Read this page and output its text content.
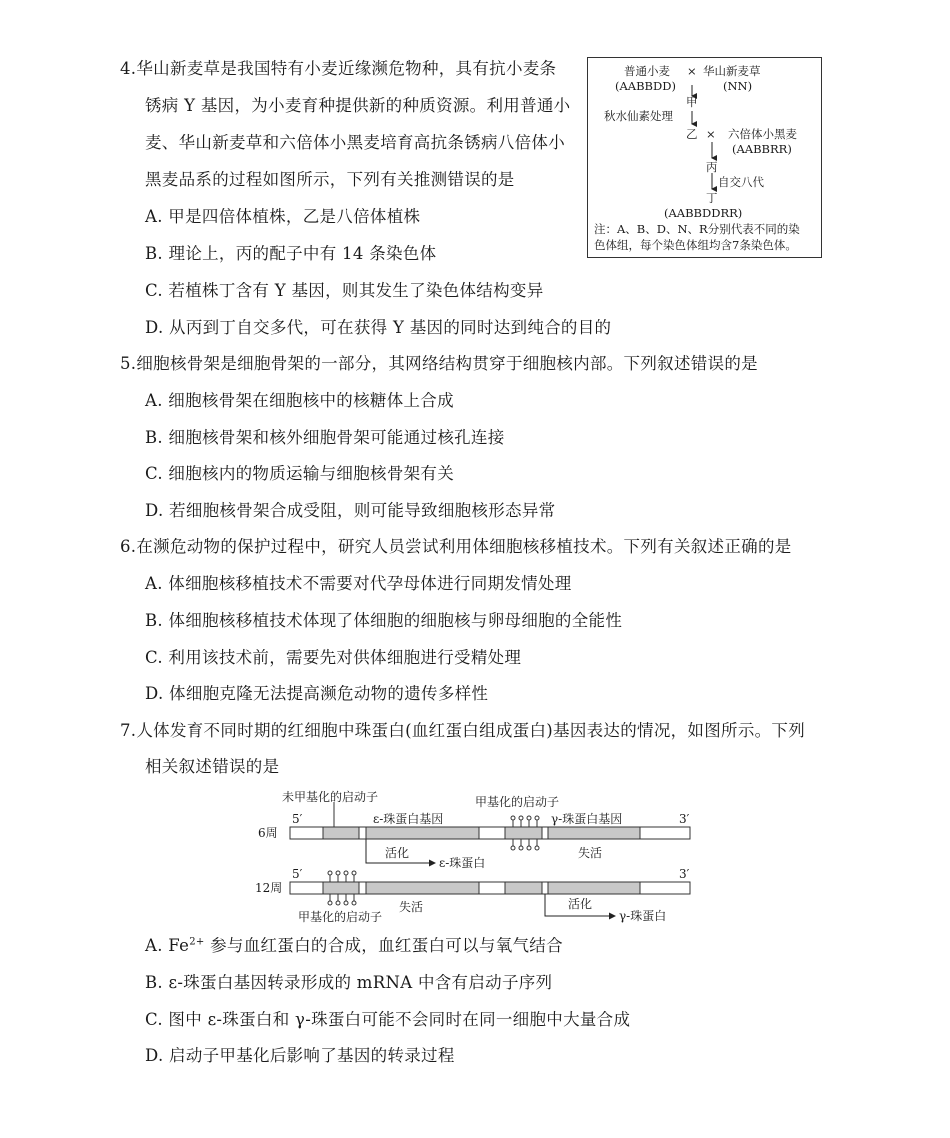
4.华山新麦草是我国特有小麦近缘濒危物种，具有抗小麦条
锈病 Y 基因，为小麦育种提供新的种质资源。利用普通小
麦、华山新麦草和六倍体小黑麦培育高抗条锈病八倍体小
黑麦品系的过程如图所示，下列有关推测错误的是
A. 甲是四倍体植株，乙是八倍体植株
B. 理论上，丙的配子中有 14 条染色体
C. 若植株丁含有 Y 基因，则其发生了染色体结构变异
D. 从丙到丁自交多代，可在获得 Y 基因的同时达到纯合的目的
普通小麦 × 华山新麦草
(AABBDD)	(NN)
甲
秋水仙素处理
乙 × 六倍体小黑麦
(AABBRR)
丙
自交八代
丁
(AABBDDRR)
注：A、B、D、N、R分别代表不同的染
色体组，每个染色体组均含7条染色体。
5.细胞核骨架是细胞骨架的一部分，其网络结构贯穿于细胞核内部。下列叙述错误的是
A. 细胞核骨架在细胞核中的核糖体上合成
B. 细胞核骨架和核外细胞骨架可能通过核孔连接
C. 细胞核内的物质运输与细胞核骨架有关
D. 若细胞核骨架合成受阻，则可能导致细胞核形态异常
6.在濒危动物的保护过程中，研究人员尝试利用体细胞核移植技术。下列有关叙述正确的是
A. 体细胞核移植技术不需要对代孕母体进行同期发情处理
B. 体细胞核移植技术体现了体细胞的细胞核与卵母细胞的全能性
C. 利用该技术前，需要先对供体细胞进行受精处理
D. 体细胞克隆无法提高濒危动物的遗传多样性
7.人体发育不同时期的红细胞中珠蛋白(血红蛋白组成蛋白)基因表达的情况，如图所示。下列
相关叙述错误的是
未甲基化的启动子	甲基化的启动子
5′	ε-珠蛋白基因	γ-珠蛋白基因	3′
6周
活化	失活
ε-珠蛋白
5′	3′
12周
失活	活化
γ-珠蛋白
甲基化的启动子
A. $Fe^{2+}$ 参与血红蛋白的合成，血红蛋白可以与氧气结合
B. ε-珠蛋白基因转录形成的 mRNA 中含有启动子序列
C. 图中 ε-珠蛋白和 γ-珠蛋白可能不会同时在同一细胞中大量合成
D. 启动子甲基化后影响了基因的转录过程
